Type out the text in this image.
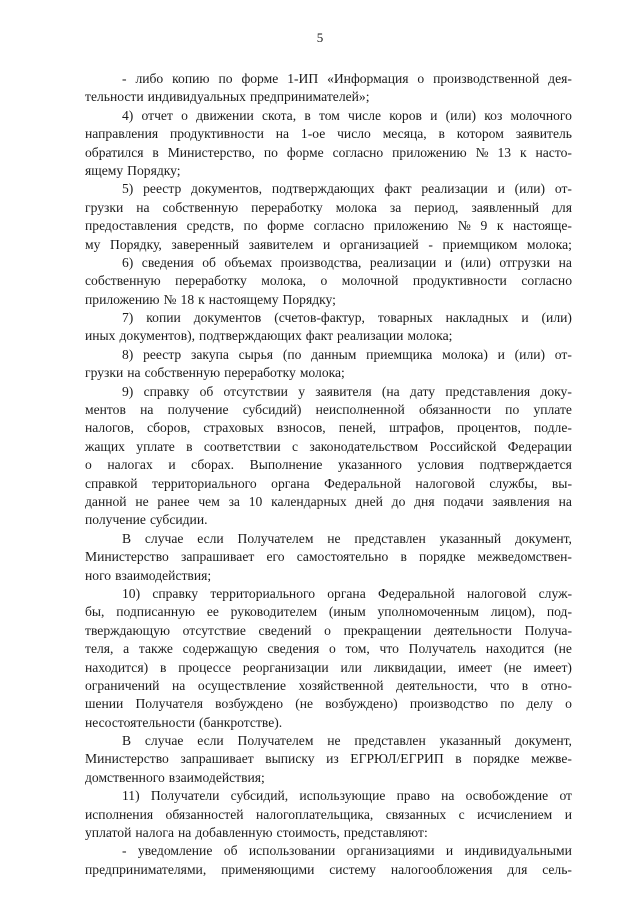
5
- либо копию по форме 1-ИП «Информация о производственной дея-
тельности индивидуальных предпринимателей»;
4) отчет о движении скота, в том числе коров и (или) коз молочного
направления продуктивности на 1-ое число месяца, в котором заявитель
обратился в Министерство, по форме согласно приложению № 13 к насто-
ящему Порядку;
5) реестр документов, подтверждающих факт реализации и (или) от-
грузки на собственную переработку молока за период, заявленный для
предоставления средств, по форме согласно приложению № 9 к настояще-
му Порядку, заверенный заявителем и организацией - приемщиком молока;
6) сведения об объемах производства, реализации и (или) отгрузки на
собственную переработку молока, о молочной продуктивности согласно
приложению № 18 к настоящему Порядку;
7) копии документов (счетов-фактур, товарных накладных и (или)
иных документов), подтверждающих факт реализации молока;
8) реестр закупа сырья (по данным приемщика молока) и (или) от-
грузки на собственную переработку молока;
9) справку об отсутствии у заявителя (на дату представления доку-
ментов на получение субсидий) неисполненной обязанности по уплате
налогов, сборов, страховых взносов, пеней, штрафов, процентов, подле-
жащих уплате в соответствии с законодательством Российской Федерации
о налогах и сборах. Выполнение указанного условия подтверждается
справкой территориального органа Федеральной налоговой службы, вы-
данной не ранее чем за 10 календарных дней до дня подачи заявления на
получение субсидии.
В случае если Получателем не представлен указанный документ,
Министерство запрашивает его самостоятельно в порядке межведомствен-
ного взаимодействия;
10) справку территориального органа Федеральной налоговой служ-
бы, подписанную ее руководителем (иным уполномоченным лицом), под-
тверждающую отсутствие сведений о прекращении деятельности Получа-
теля, а также содержащую сведения о том, что Получатель находится (не
находится) в процессе реорганизации или ликвидации, имеет (не имеет)
ограничений на осуществление хозяйственной деятельности, что в отно-
шении Получателя возбуждено (не возбуждено) производство по делу о
несостоятельности (банкротстве).
В случае если Получателем не представлен указанный документ,
Министерство запрашивает выписку из ЕГРЮЛ/ЕГРИП в порядке межве-
домственного взаимодействия;
11) Получатели субсидий, использующие право на освобождение от
исполнения обязанностей налогоплательщика, связанных с исчислением и
уплатой налога на добавленную стоимость, представляют:
- уведомление об использовании организациями и индивидуальными
предпринимателями, применяющими систему налогообложения для сель-
